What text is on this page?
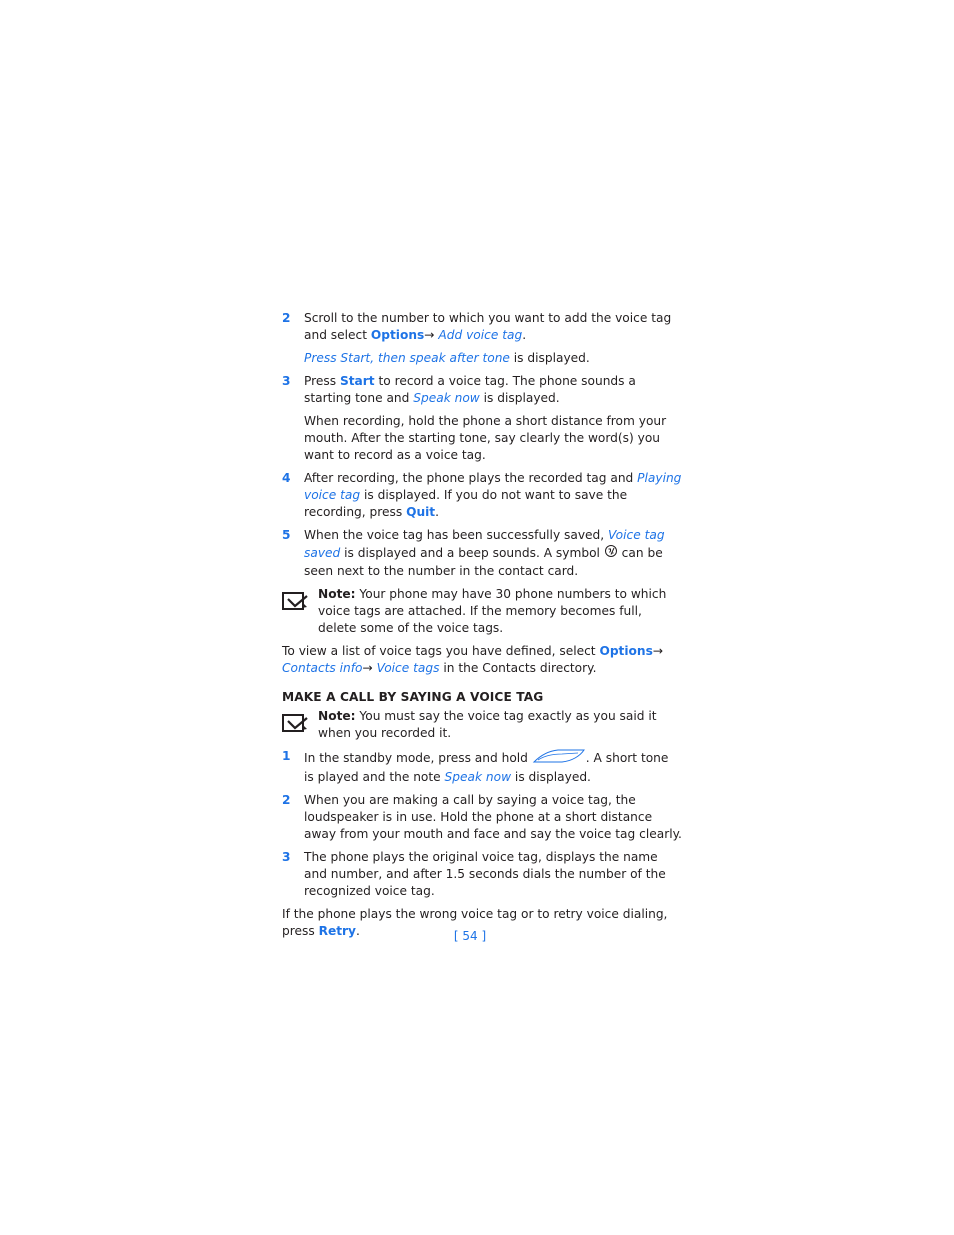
2 Scroll to the number to which you want to add the voice tag and select Options→ Add voice tag.
Press Start, then speak after tone is displayed.
3 Press Start to record a voice tag. The phone sounds a starting tone and Speak now is displayed.
When recording, hold the phone a short distance from your mouth. After the starting tone, say clearly the word(s) you want to record as a voice tag.
4 After recording, the phone plays the recorded tag and Playing voice tag is displayed. If you do not want to save the recording, press Quit.
5 When the voice tag has been successfully saved, Voice tag saved is displayed and a beep sounds. A symbol  can be seen next to the number in the contact card.
Note: Your phone may have 30 phone numbers to which voice tags are attached. If the memory becomes full, delete some of the voice tags.
To view a list of voice tags you have defined, select Options→ Contacts info→ Voice tags in the Contacts directory.
MAKE A CALL BY SAYING A VOICE TAG
Note: You must say the voice tag exactly as you said it when you recorded it.
1 In the standby mode, press and hold	. A short tone is played and the note Speak now is displayed.
2 When you are making a call by saying a voice tag, the loudspeaker is in use. Hold the phone at a short distance away from your mouth and face and say the voice tag clearly.
3 The phone plays the original voice tag, displays the name and number, and after 1.5 seconds dials the number of the recognized voice tag.
If the phone plays the wrong voice tag or to retry voice dialing, press Retry.	[ 54 ]
